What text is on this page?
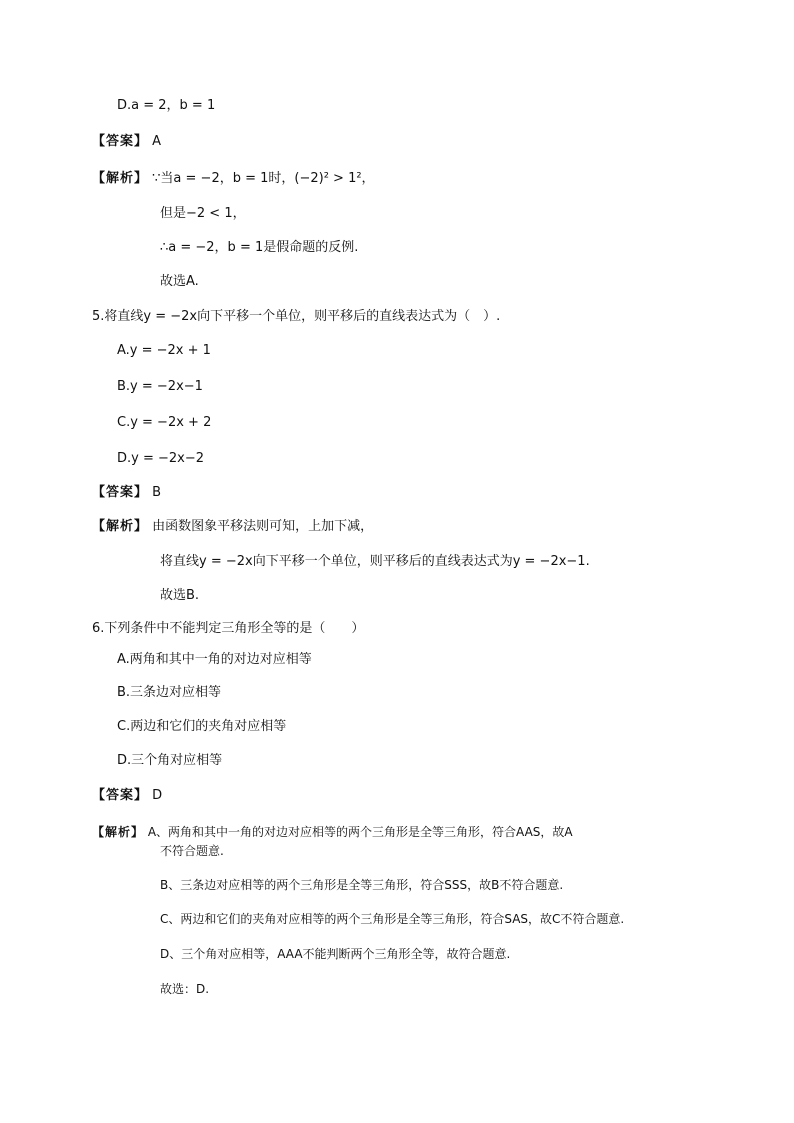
D.a = 2，b = 1
【答案】 A
【解析】 ∵当a = −2，b = 1时，(−2)² > 1²，
但是−2 < 1，
∴a = −2，b = 1是假命题的反例.
故选A.
5.将直线y = −2x向下平移一个单位，则平移后的直线表达式为（　）.
A.y = −2x + 1
B.y = −2x−1
C.y = −2x + 2
D.y = −2x−2
【答案】 B
【解析】 由函数图象平移法则可知，上加下减，
将直线y = −2x向下平移一个单位，则平移后的直线表达式为y = −2x−1.
故选B.
6.下列条件中不能判定三角形全等的是（　　）
A.两角和其中一角的对边对应相等
B.三条边对应相等
C.两边和它们的夹角对应相等
D.三个角对应相等
【答案】 D
【解析】 A、两角和其中一角的对边对应相等的两个三角形是全等三角形，符合AAS，故A
不符合题意.
B、三条边对应相等的两个三角形是全等三角形，符合SSS，故B不符合题意.
C、两边和它们的夹角对应相等的两个三角形是全等三角形，符合SAS，故C不符合题意.
D、三个角对应相等，AAA不能判断两个三角形全等，故符合题意.
故选：D.
